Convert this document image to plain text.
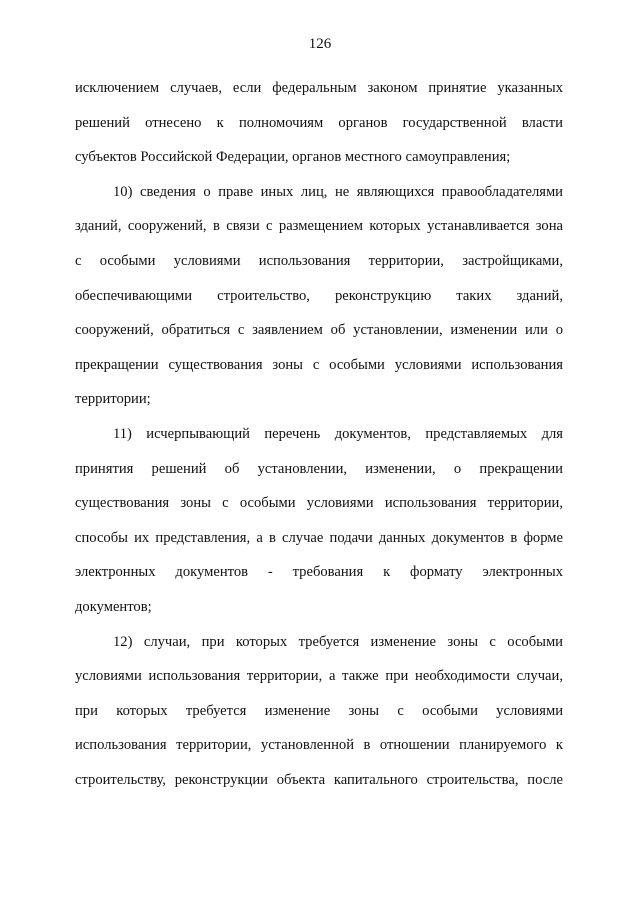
126
исключением случаев, если федеральным законом принятие указанных
решений отнесено к полномочиям органов государственной власти
субъектов Российской Федерации, органов местного самоуправления;
10) сведения о праве иных лиц, не являющихся правообладателями
зданий, сооружений, в связи с размещением которых устанавливается зона
с особыми условиями использования территории, застройщиками,
обеспечивающими строительство, реконструкцию таких зданий,
сооружений, обратиться с заявлением об установлении, изменении или о
прекращении существования зоны с особыми условиями использования
территории;
11) исчерпывающий перечень документов, представляемых для
принятия решений об установлении, изменении, о прекращении
существования зоны с особыми условиями использования территории,
способы их представления, а в случае подачи данных документов в форме
электронных документов - требования к формату электронных
документов;
12) случаи, при которых требуется изменение зоны с особыми
условиями использования территории, а также при необходимости случаи,
при которых требуется изменение зоны с особыми условиями
использования территории, установленной в отношении планируемого к
строительству, реконструкции объекта капитального строительства, после
